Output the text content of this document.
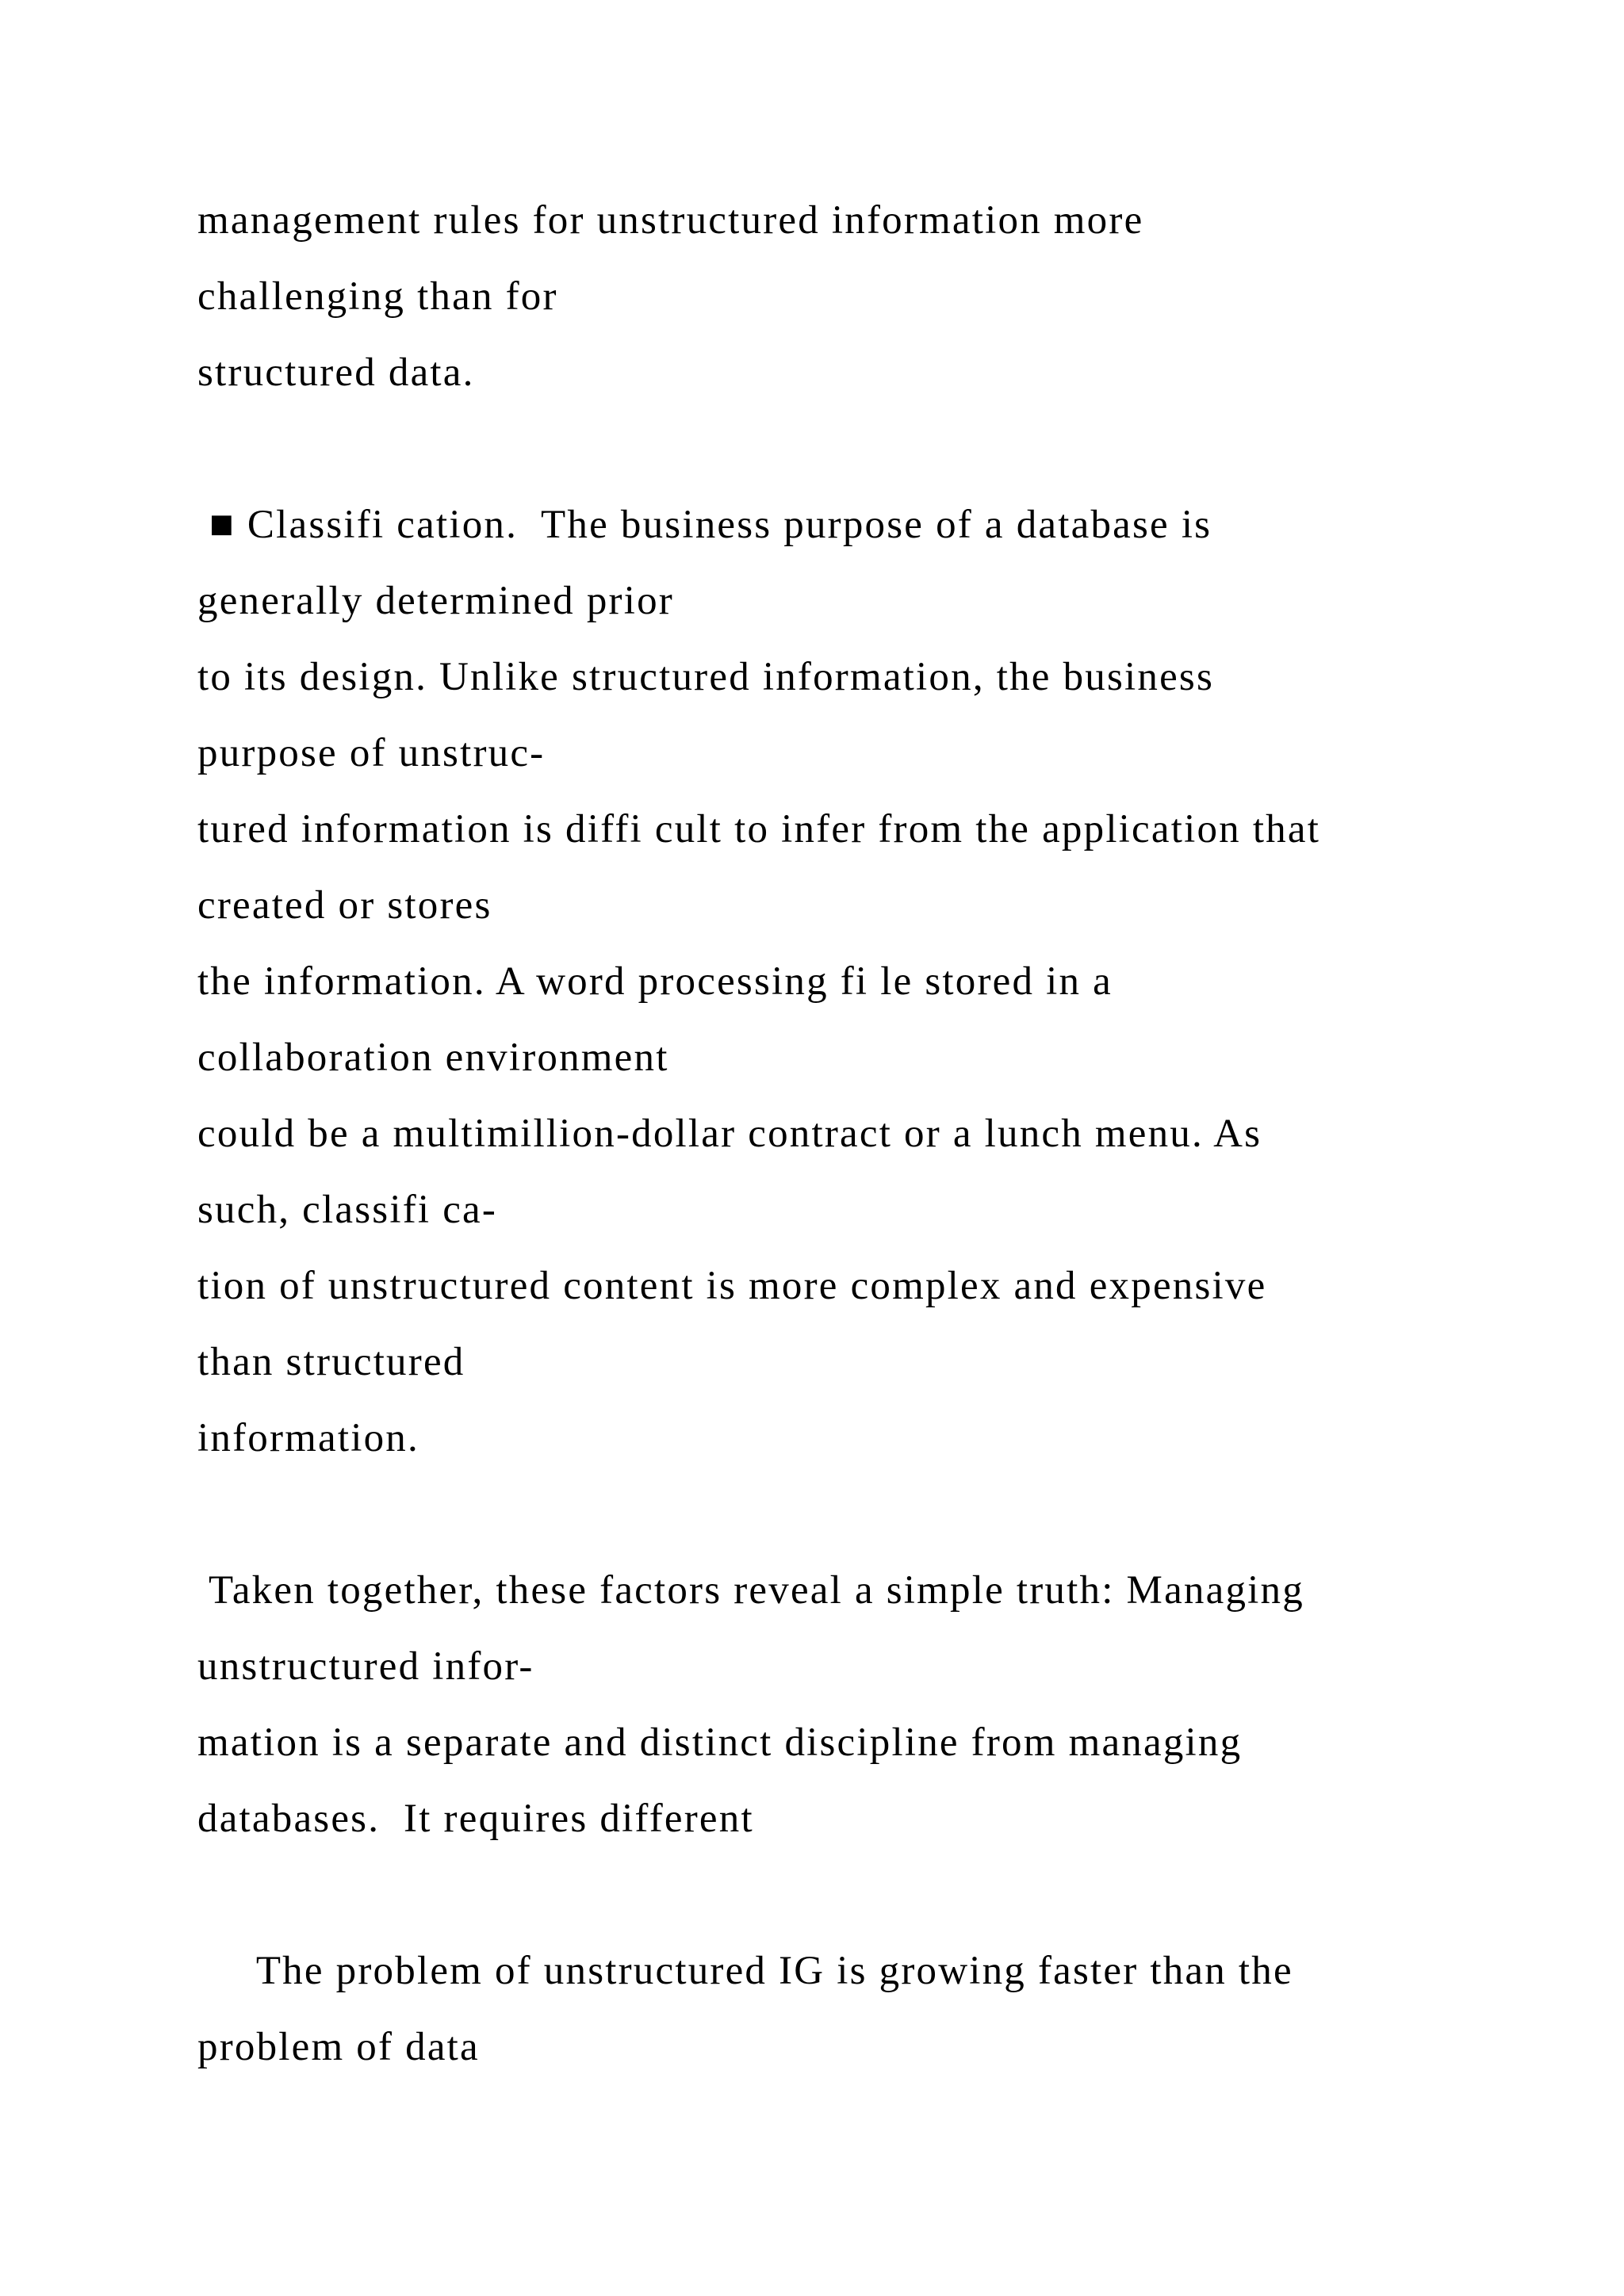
management rules for unstructured information more
challenging than for
structured data.
■ Classifi cation.  The business purpose of a database is
generally determined prior
to its design. Unlike structured information, the business
purpose of unstruc-
tured information is diffi cult to infer from the application that
created or stores
the information. A word processing fi le stored in a
collaboration environment
could be a multimillion-dollar contract or a lunch menu. As
such, classifi ca-
tion of unstructured content is more complex and expensive
than structured
information.
Taken together, these factors reveal a simple truth: Managing
unstructured infor-
mation is a separate and distinct discipline from managing
databases.  It requires different
The problem of unstructured IG is growing faster than the
problem of data
